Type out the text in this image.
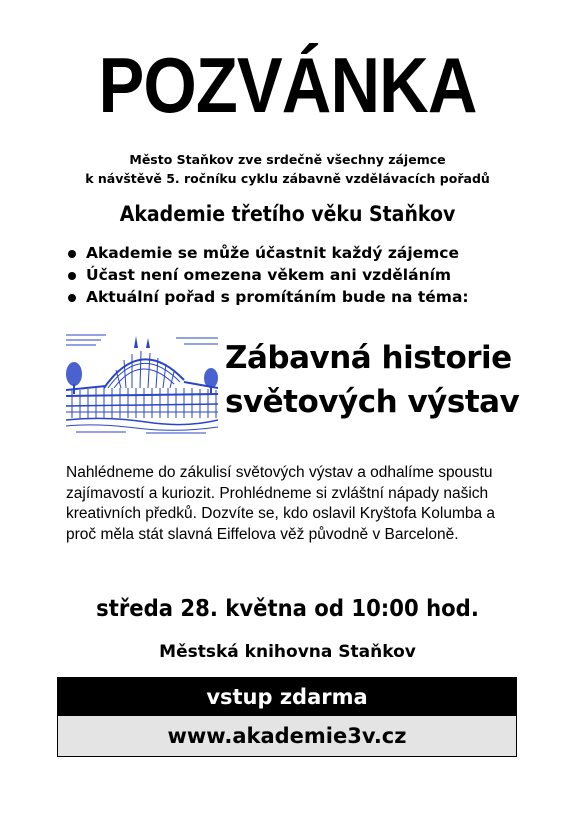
POZVÁNKA
Město Staňkov zve srdečně všechny zájemce
k návštěvě 5. ročníku cyklu zábavně vzdělávacích pořadů
Akademie třetího věku Staňkov
Akademie se může účastnit každý zájemce
Účast není omezena věkem ani vzděláním
Aktuální pořad s promítáním bude na téma:
Zábavná historie
světových výstav
Nahlédneme do zákulisí světových výstav a odhalíme spoustu zajímavostí a kuriozit. Prohlédneme si zvláštní nápady našich kreativních předků. Dozvíte se, kdo oslavil Kryštofa Kolumba a proč měla stát slavná Eiffelova věž původně v Barceloně.
středa 28. května od 10:00 hod.
Městská knihovna Staňkov
vstup zdarma
www.akademie3v.cz
